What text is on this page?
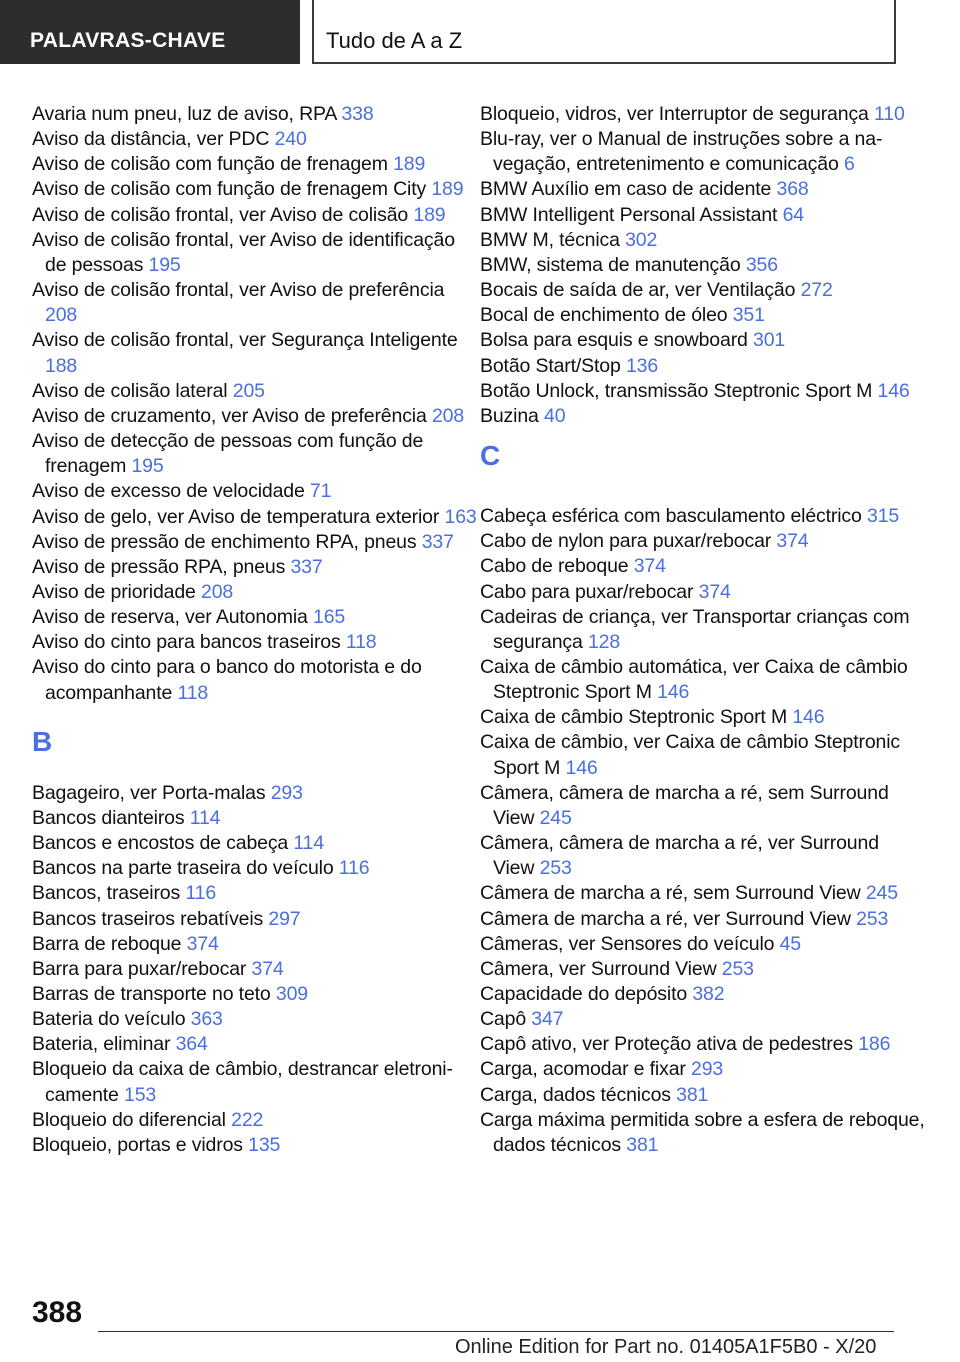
PALAVRAS-CHAVE	Tudo de A a Z
Avaria num pneu, luz de aviso, RPA 338
Aviso da distância, ver PDC 240
Aviso de colisão com função de frenagem 189
Aviso de colisão com função de frenagem City 189
Aviso de colisão frontal, ver Aviso de colisão 189
Aviso de colisão frontal, ver Aviso de identificação de pessoas 195
Aviso de colisão frontal, ver Aviso de preferência 208
Aviso de colisão frontal, ver Segurança Inteligente 188
Aviso de colisão lateral 205
Aviso de cruzamento, ver Aviso de preferência 208
Aviso de detecção de pessoas com função de frenagem 195
Aviso de excesso de velocidade 71
Aviso de gelo, ver Aviso de temperatura exterior 163
Aviso de pressão de enchimento RPA, pneus 337
Aviso de pressão RPA, pneus 337
Aviso de prioridade 208
Aviso de reserva, ver Autonomia 165
Aviso do cinto para bancos traseiros 118
Aviso do cinto para o banco do motorista e do acompanhante 118
B
Bagageiro, ver Porta-malas 293
Bancos dianteiros 114
Bancos e encostos de cabeça 114
Bancos na parte traseira do veículo 116
Bancos, traseiros 116
Bancos traseiros rebatíveis 297
Barra de reboque 374
Barra para puxar/rebocar 374
Barras de transporte no teto 309
Bateria do veículo 363
Bateria, eliminar 364
Bloqueio da caixa de câmbio, destrancar eletronicamente 153
Bloqueio do diferencial 222
Bloqueio, portas e vidros 135
Bloqueio, vidros, ver Interruptor de segurança 110
Blu-ray, ver o Manual de instruções sobre a navegação, entretenimento e comunicação 6
BMW Auxílio em caso de acidente 368
BMW Intelligent Personal Assistant 64
BMW M, técnica 302
BMW, sistema de manutenção 356
Bocais de saída de ar, ver Ventilação 272
Bocal de enchimento de óleo 351
Bolsa para esquis e snowboard 301
Botão Start/Stop 136
Botão Unlock, transmissão Steptronic Sport M 146
Buzina 40
C
Cabeça esférica com basculamento eléctrico 315
Cabo de nylon para puxar/rebocar 374
Cabo de reboque 374
Cabo para puxar/rebocar 374
Cadeiras de criança, ver Transportar crianças com segurança 128
Caixa de câmbio automática, ver Caixa de câmbio Steptronic Sport M 146
Caixa de câmbio Steptronic Sport M 146
Caixa de câmbio, ver Caixa de câmbio Steptronic Sport M 146
Câmera, câmera de marcha a ré, sem Surround View 245
Câmera, câmera de marcha a ré, ver Surround View 253
Câmera de marcha a ré, sem Surround View 245
Câmera de marcha a ré, ver Surround View 253
Câmeras, ver Sensores do veículo 45
Câmera, ver Surround View 253
Capacidade do depósito 382
Capô 347
Capô ativo, ver Proteção ativa de pedestres 186
Carga, acomodar e fixar 293
Carga, dados técnicos 381
Carga máxima permitida sobre a esfera de reboque, dados técnicos 381
388
Online Edition for Part no. 01405A1F5B0 - X/20
